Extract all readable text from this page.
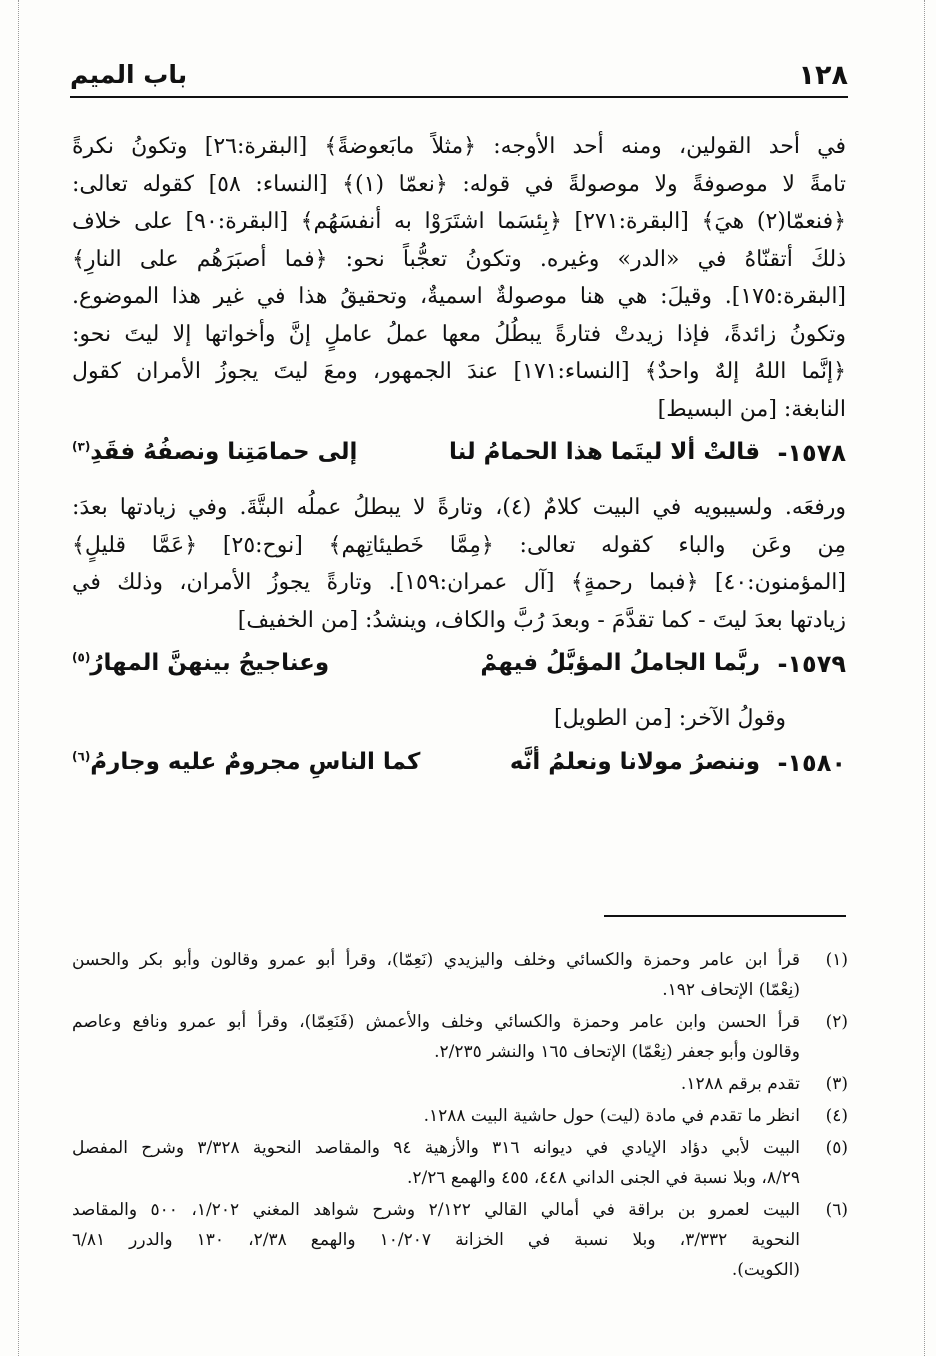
١٢٨
باب الميم
في أحد القولين، ومنه أحد الأوجه: ﴿مثلاً مابَعوضةً﴾ [البقرة:٢٦] وتكونُ نكرةً
تامةً لا موصوفةً ولا موصولةً في قوله: ﴿نعمّا (١)﴾ [النساء: ٥٨] كقوله تعالى:
﴿فنعمّا(٢) هيَ﴾ [البقرة:٢٧١] ﴿بِئسَما اشتَرَوْا به أنفسَهُم﴾ [البقرة:٩٠] على خلاف
ذلكَ أتقنّاهُ في «الدر» وغيره. وتكونُ تعجُّباً نحو: ﴿فما أصبَرَهُم على النارِ﴾
[البقرة:١٧٥]. وقيلَ: هي هنا موصولةٌ اسميةٌ، وتحقيقُ هذا في غير هذا الموضوع.
وتكونُ زائدةً، فإذا زيدتْ فتارةً يبطُلُ معها عملُ عاملٍ إنَّ وأخواتها إلا ليتَ نحو:
﴿إنَّما اللهُ إلهٌ واحدٌ﴾ [النساء:١٧١] عندَ الجمهور، ومعَ ليتَ يجوزُ الأمران كقول
النابغة: [من البسيط]
١٥٧٨-
قالتْ ألا ليتَما هذا الحمامُ لنا
إلى حمامَتِنا ونصفُهُ فقَدِ$^{(٣)}$
ورفعَه. ولسيبويه في البيت كلامٌ (٤)، وتارةً لا يبطلُ عملُه البتَّةَ. وفي زيادتها بعدَ:
مِن وعَن والباء كقوله تعالى: ﴿مِمَّا خَطيئاتِهم﴾ [نوح:٢٥] ﴿عَمَّا قليلٍ﴾
[المؤمنون:٤٠] ﴿فبما رحمةٍ﴾ [آل عمران:١٥٩]. وتارةً يجوزُ الأمران، وذلك في
زيادتها بعدَ ليتَ - كما تقدَّمَ - وبعدَ رُبَّ والكاف، وينشدُ: [من الخفيف]
١٥٧٩-
ربَّما الجاملُ المؤبَّلُ فيهمْ
وعناجيجُ بينهنَّ المهارُ$^{(٥)}$
وقولُ الآخر: [من الطويل]
١٥٨٠-
وننصرُ مولانا ونعلمُ أنَّه
كما الناسِ مجرومٌ عليه وجارمُ$^{(٦)}$
(١)
قرأ ابن عامر وحمزة والكسائي وخلف واليزيدي (نَعِمّا)، وقرأ أبو عمرو وقالون وأبو بكر والحسن
(نِعْمّا) الإتحاف ١٩٢.
(٢)
قرأ الحسن وابن عامر وحمزة والكسائي وخلف والأعمش (فَنَعِمّا)، وقرأ أبو عمرو ونافع وعاصم
وقالون وأبو جعفر (نِعْمّا) الإتحاف ١٦٥ والنشر ٢/٢٣٥.
(٣)
تقدم برقم ١٢٨٨.
(٤)
انظر ما تقدم في مادة (ليت) حول حاشية البيت ١٢٨٨.
(٥)
البيت لأبي دؤاد الإيادي في ديوانه ٣١٦ والأزهية ٩٤ والمقاصد النحوية ٣/٣٢٨ وشرح المفصل
٨/٢٩، وبلا نسبة في الجنى الداني ٤٤٨، ٤٥٥ والهمع ٢/٢٦.
(٦)
البيت لعمرو بن براقة في أمالي القالي ٢/١٢٢ وشرح شواهد المغني ١/٢٠٢، ٥٠٠ والمقاصد
النحوية ٣/٣٣٢، وبلا نسبة في الخزانة ١٠/٢٠٧ والهمع ٢/٣٨، ١٣٠ والدرر ٦/٨١
(الكويت).
